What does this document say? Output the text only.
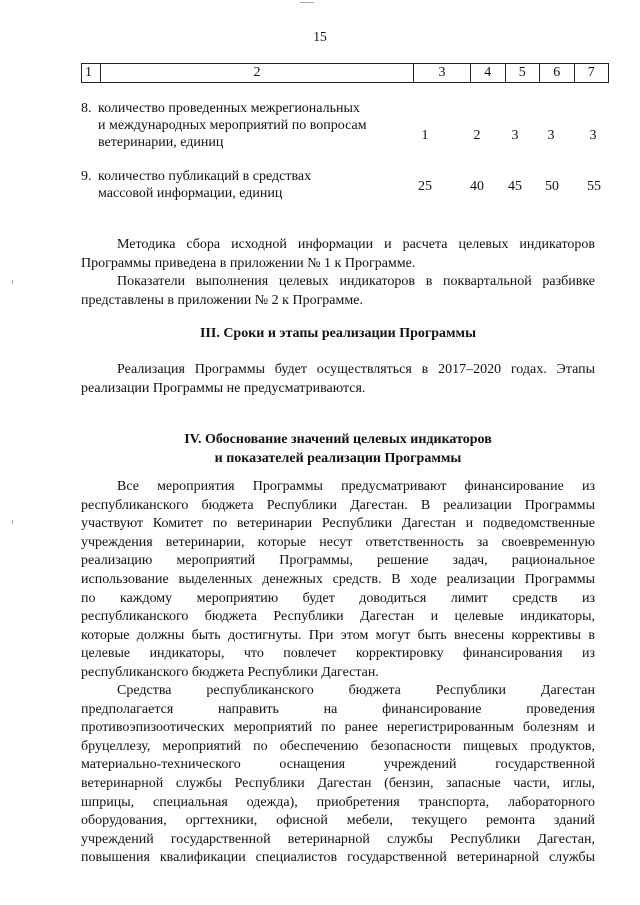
15
1	2	3	4	5	6	7
8. количество проведенных межрегиональных
и международных мероприятий по вопросам
ветеринарии, единиц	1	2	3	3	3
9. количество публикаций в средствах
массовой информации, единиц	25	40	45	50	55
Методика сбора исходной информации и расчета целевых индикаторов
Программы приведена в приложении № 1 к Программе.
Показатели выполнения целевых индикаторов в поквартальной разбивке
представлены в приложении № 2 к Программе.
III. Сроки и этапы реализации Программы
Реализация Программы будет осуществляться в 2017–2020 годах. Этапы
реализации Программы не предусматриваются.
IV. Обоснование значений целевых индикаторов
и показателей реализации Программы
Все мероприятия Программы предусматривают финансирование из
республиканского бюджета Республики Дагестан. В реализации Программы
участвуют Комитет по ветеринарии Республики Дагестан и подведомственные
учреждения ветеринарии, которые несут ответственность за своевременную
реализацию мероприятий Программы, решение задач, рациональное
использование выделенных денежных средств. В ходе реализации Программы
по каждому мероприятию будет доводиться лимит средств из
республиканского бюджета Республики Дагестан и целевые индикаторы,
которые должны быть достигнуты. При этом могут быть внесены коррективы в
целевые индикаторы, что повлечет корректировку финансирования из
республиканского бюджета Республики Дагестан.
Средства республиканского бюджета Республики Дагестан
предполагается направить на финансирование проведения
противоэпизоотических мероприятий по ранее нерегистрированным болезням и
бруцеллезу, мероприятий по обеспечению безопасности пищевых продуктов,
материально-технического оснащения учреждений государственной
ветеринарной службы Республики Дагестан (бензин, запасные части, иглы,
шприцы, специальная одежда), приобретения транспорта, лабораторного
оборудования, оргтехники, офисной мебели, текущего ремонта зданий
учреждений государственной ветеринарной службы Республики Дагестан,
повышения квалификации специалистов государственной ветеринарной службы
